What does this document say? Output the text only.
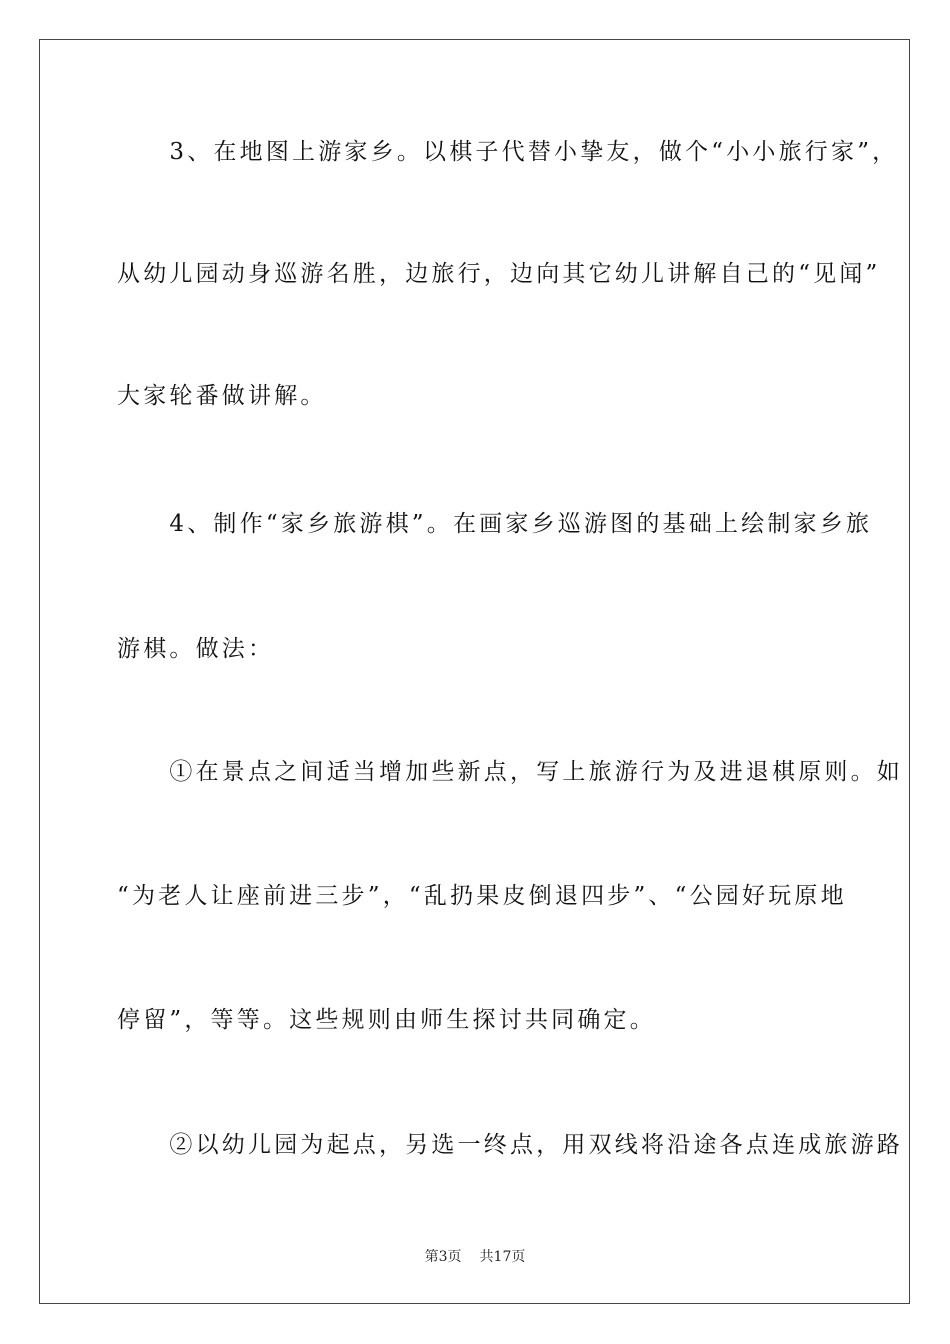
　　3、在地图上游家乡。以棋子代替小挚友，做个“小小旅行家”，
从幼儿园动身巡游名胜，边旅行，边向其它幼儿讲解自己的“见闻”
大家轮番做讲解。
　　4、制作“家乡旅游棋”。在画家乡巡游图的基础上绘制家乡旅
游棋。做法：
　　①在景点之间适当增加些新点，写上旅游行为及进退棋原则。如
“为老人让座前进三步”，“乱扔果皮倒退四步”、“公园好玩原地
停留”，等等。这些规则由师生探讨共同确定。
　　②以幼儿园为起点，另选一终点，用双线将沿途各点连成旅游路
第3页 共17页
